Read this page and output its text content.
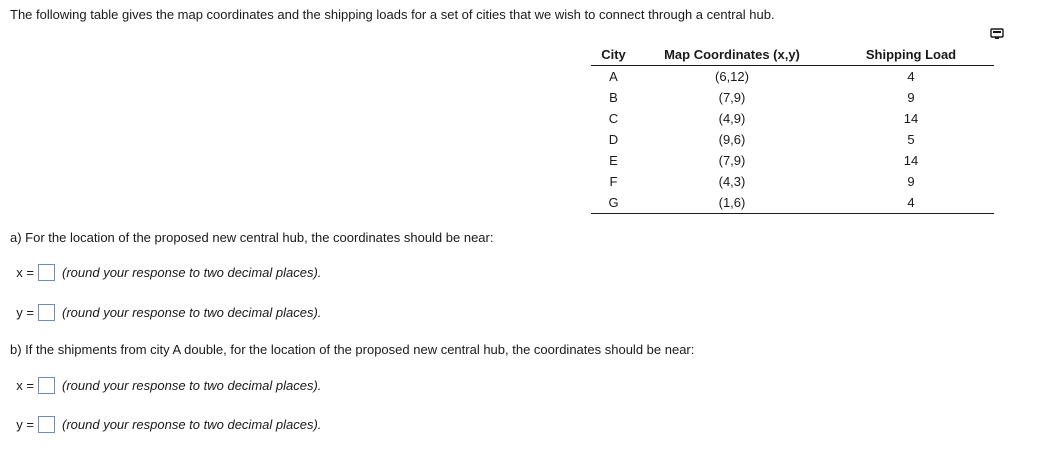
The following table gives the map coordinates and the shipping loads for a set of cities that we wish to connect through a central hub.
City	Map Coordinates (x,y)	Shipping Load
A	(6,12)	4
B	(7,9)	9
C	(4,9)	14
D	(9,6)	5
E	(7,9)	14
F	(4,3)	9
G	(1,6)	4
a) For the location of the proposed new central hub, the coordinates should be near:
x = (round your response to two decimal places).
y = (round your response to two decimal places).
b) If the shipments from city A double, for the location of the proposed new central hub, the coordinates should be near:
x = (round your response to two decimal places).
y = (round your response to two decimal places).
